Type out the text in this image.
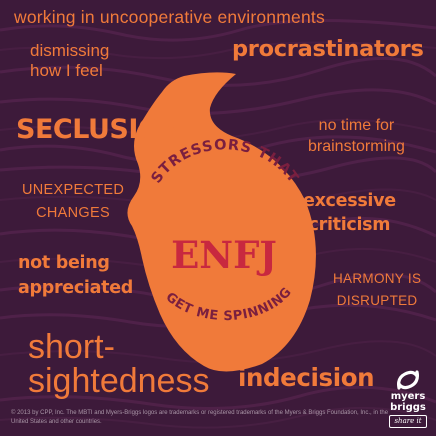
STRESSORS THAT
ENFJ
GET ME SPINNING

working in uncooperative environments

dismissing
how I feel

procrastinators

SECLUSION	no time for
brainstorming
UNEXPECTED
CHANGES
excessive
criticism
not being
appreciated	HARMONY IS
DISRUPTED
short-
sightedness indecision

© 2013 by CPP, Inc. The MBTI and Myers-Briggs logos are trademarks or registered trademarks of the Myers & Briggs Foundation, Inc., in the United States and other countries.

myers
briggs
share it
